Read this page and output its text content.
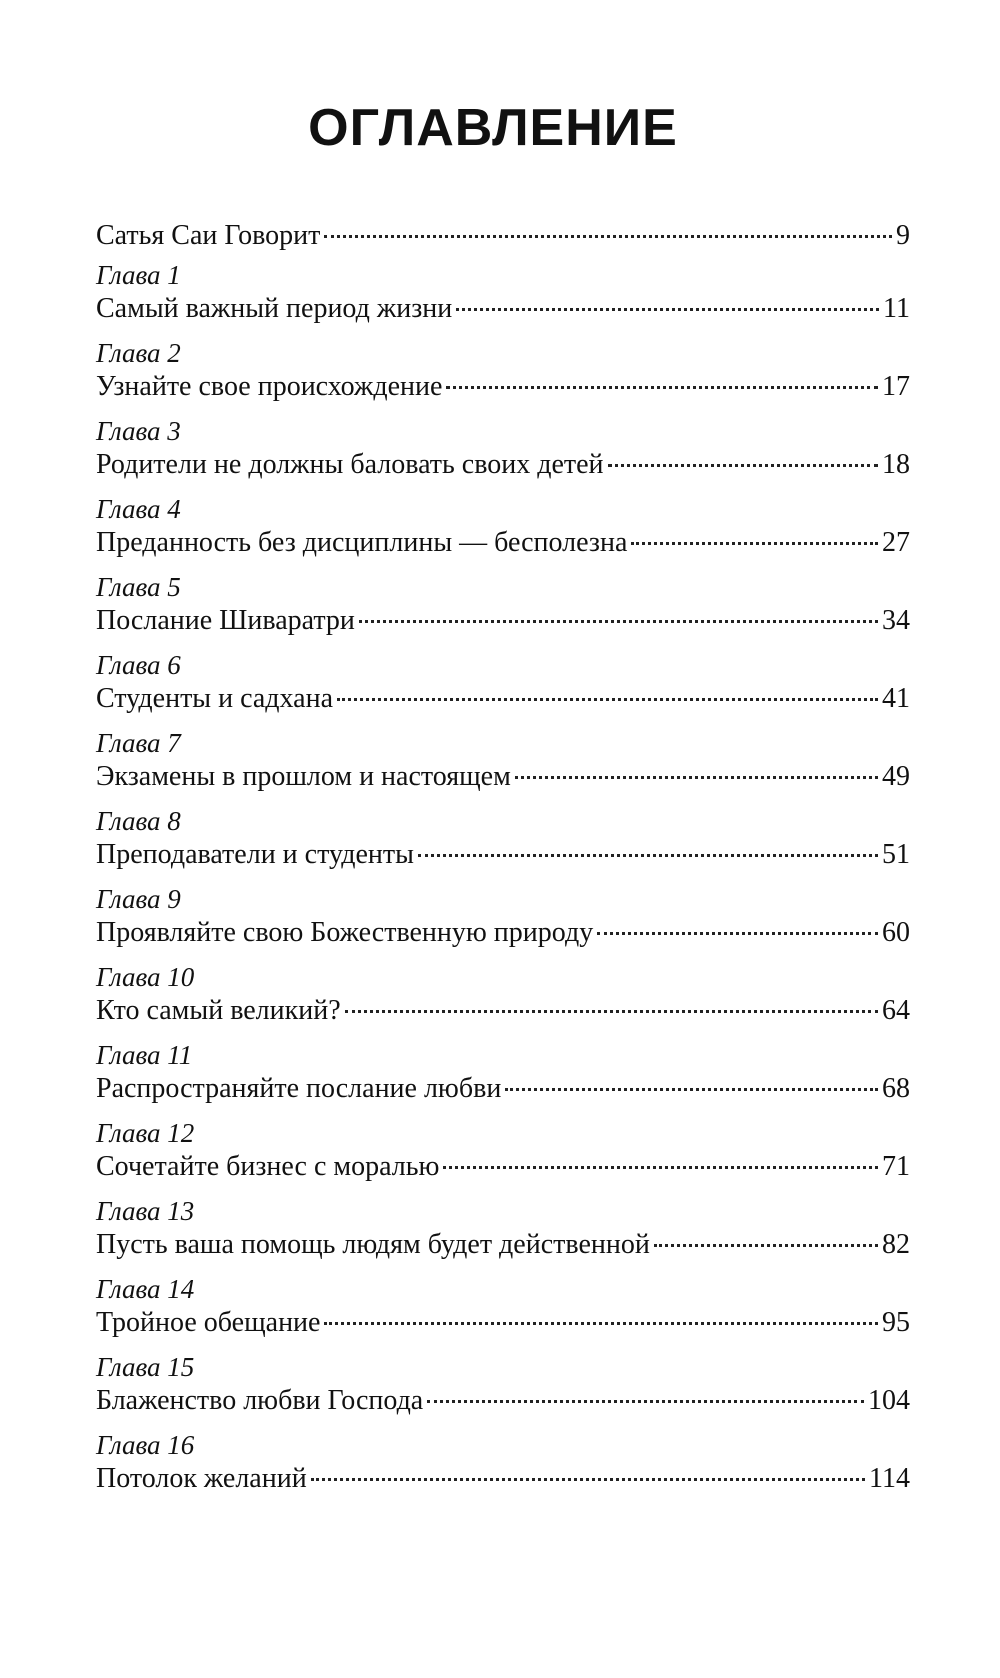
ОГЛАВЛЕНИЕ
Сатья Саи Говорит	9
Глава 1
Самый важный период жизни	11
Глава 2
Узнайте свое происхождение	17
Глава 3
Родители не должны баловать своих детей	18
Глава 4
Преданность без дисциплины — бесполезна	27
Глава 5
Послание Шиваратри	34
Глава 6
Студенты и садхана	41
Глава 7
Экзамены в прошлом и настоящем	49
Глава 8
Преподаватели и студенты	51
Глава 9
Проявляйте свою Божественную природу	60
Глава 10
Кто самый великий?	64
Глава 11
Распространяйте послание любви	68
Глава 12
Сочетайте бизнес с моралью	71
Глава 13
Пусть ваша помощь людям будет действенной	82
Глава 14
Тройное обещание	95
Глава 15
Блаженство любви Господа	104
Глава 16
Потолок желаний	114
